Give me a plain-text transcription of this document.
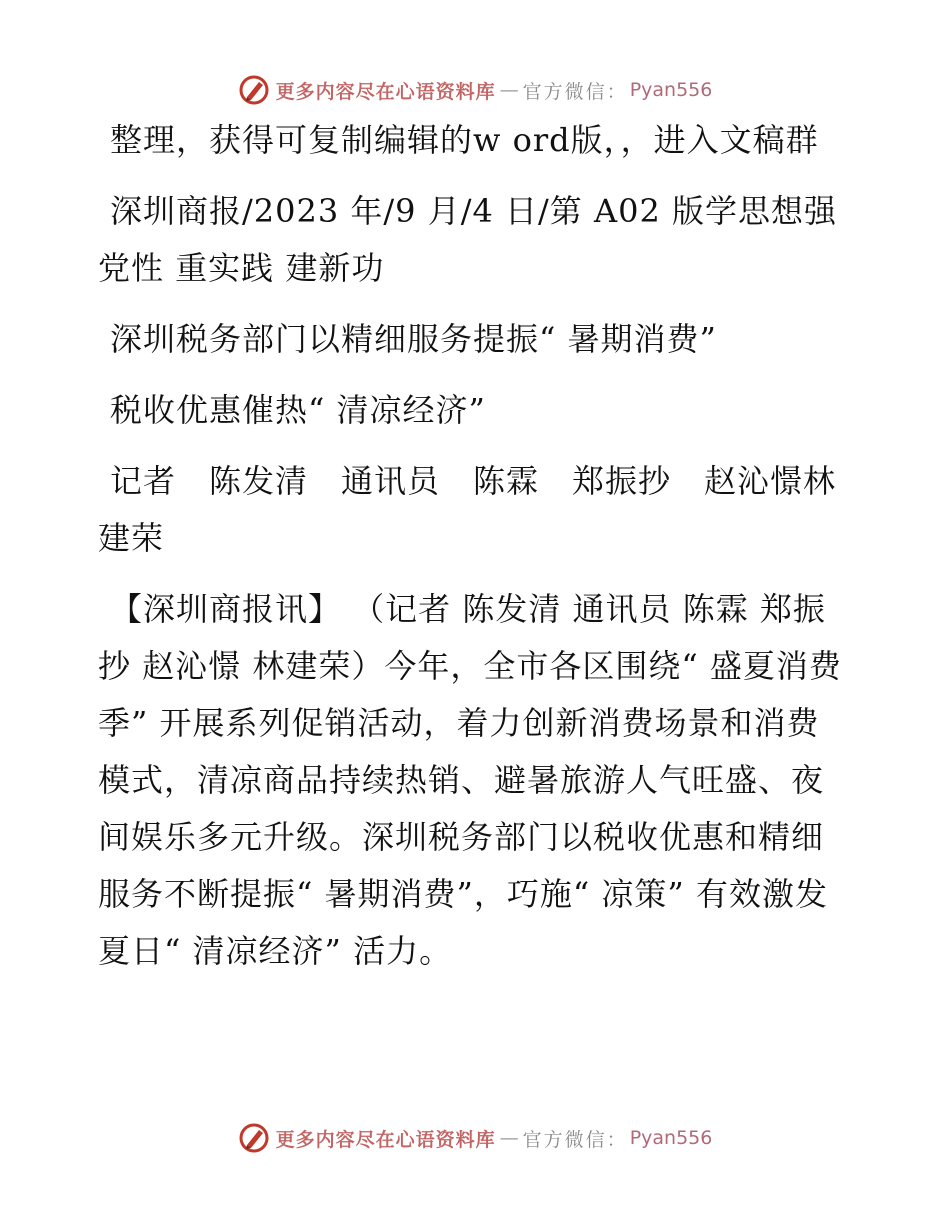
更多内容尽在心语资料库 — 官方微信： Pyan556

整理，获得可复制编辑的w ord版，，进入文稿群

深圳商报/2023 年/9 月/4 日/第 A02 版学思想强党性 重实践 建新功

深圳税务部门以精细服务提振“ 暑期消费”

税收优惠催热“ 清凉经济”

记者　陈发清　通讯员　陈霖　郑振抄　赵沁憬林建荣

【深圳商报讯】 （记者 陈发清 通讯员 陈霖 郑振抄 赵沁憬 林建荣）今年，全市各区围绕“ 盛夏消费季” 开展系列促销活动，着力创新消费场景和消费模式，清凉商品持续热销、避暑旅游人气旺盛、夜间娱乐多元升级。深圳税务部门以税收优惠和精细服务不断提振“ 暑期消费”，巧施“ 凉策” 有效激发夏日“ 清凉经济” 活力。

更多内容尽在心语资料库 — 官方微信： Pyan556
